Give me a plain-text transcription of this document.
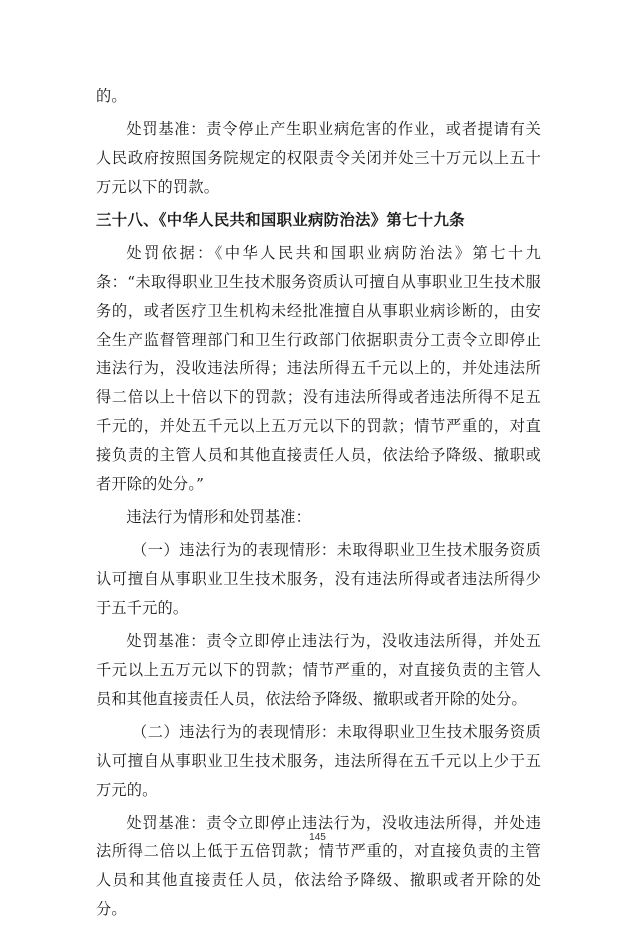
的。

处罚基准：责令停止产生职业病危害的作业，或者提请有关人民政府按照国务院规定的权限责令关闭并处三十万元以上五十万元以下的罚款。

三十八、《中华人民共和国职业病防治法》第七十九条

处罚依据：《中华人民共和国职业病防治法》第七十九条：“未取得职业卫生技术服务资质认可擅自从事职业卫生技术服务的，或者医疗卫生机构未经批准擅自从事职业病诊断的，由安全生产监督管理部门和卫生行政部门依据职责分工责令立即停止违法行为，没收违法所得；违法所得五千元以上的，并处违法所得二倍以上十倍以下的罚款；没有违法所得或者违法所得不足五千元的，并处五千元以上五万元以下的罚款；情节严重的，对直接负责的主管人员和其他直接责任人员，依法给予降级、撤职或者开除的处分。”

违法行为情形和处罚基准：

（一）违法行为的表现情形：未取得职业卫生技术服务资质认可擅自从事职业卫生技术服务，没有违法所得或者违法所得少于五千元的。

处罚基准：责令立即停止违法行为，没收违法所得，并处五千元以上五万元以下的罚款；情节严重的，对直接负责的主管人员和其他直接责任人员，依法给予降级、撤职或者开除的处分。

（二）违法行为的表现情形：未取得职业卫生技术服务资质认可擅自从事职业卫生技术服务，违法所得在五千元以上少于五万元的。

处罚基准：责令立即停止违法行为，没收违法所得，并处违法所得二倍以上低于五倍罚款；情节严重的，对直接负责的主管人员和其他直接责任人员，依法给予降级、撤职或者开除的处分。

145
